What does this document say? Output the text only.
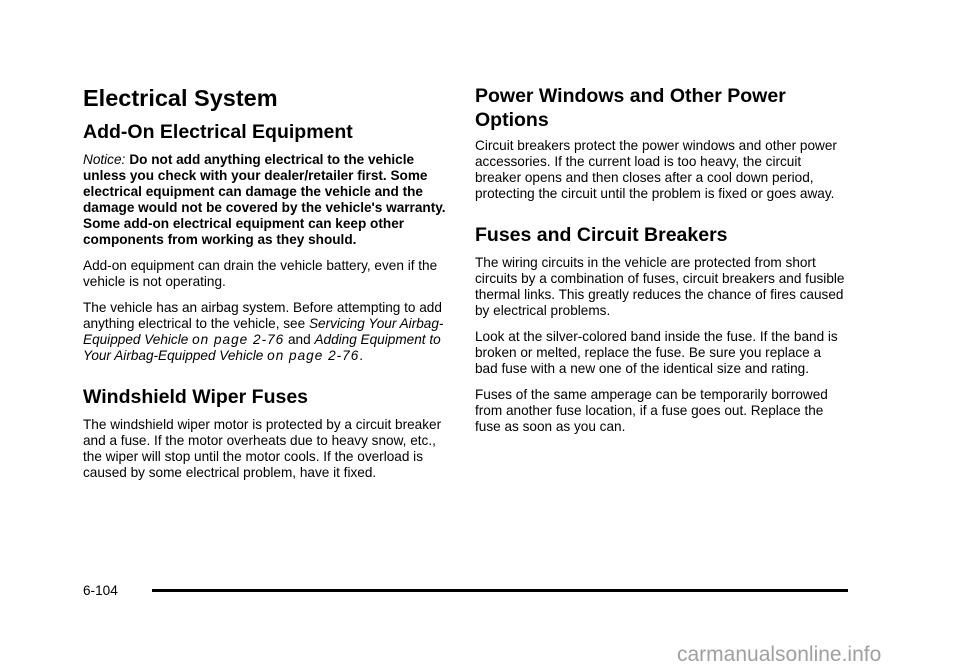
Electrical System
Add-On Electrical Equipment

Notice: Do not add anything electrical to the vehicle unless you check with your dealer/retailer first. Some electrical equipment can damage the vehicle and the damage would not be covered by the vehicle's warranty. Some add-on electrical equipment can keep other components from working as they should.

Add-on equipment can drain the vehicle battery, even if the vehicle is not operating.

The vehicle has an airbag system. Before attempting to add anything electrical to the vehicle, see Servicing Your Airbag-Equipped Vehicle on page 2-76 and Adding Equipment to Your Airbag-Equipped Vehicle on page 2-76.

Windshield Wiper Fuses

The windshield wiper motor is protected by a circuit breaker and a fuse. If the motor overheats due to heavy snow, etc., the wiper will stop until the motor cools. If the overload is caused by some electrical problem, have it fixed.

Power Windows and Other Power Options

Circuit breakers protect the power windows and other power accessories. If the current load is too heavy, the circuit breaker opens and then closes after a cool down period, protecting the circuit until the problem is fixed or goes away.

Fuses and Circuit Breakers

The wiring circuits in the vehicle are protected from short circuits by a combination of fuses, circuit breakers and fusible thermal links. This greatly reduces the chance of fires caused by electrical problems.

Look at the silver-colored band inside the fuse. If the band is broken or melted, replace the fuse. Be sure you replace a bad fuse with a new one of the identical size and rating.

Fuses of the same amperage can be temporarily borrowed from another fuse location, if a fuse goes out. Replace the fuse as soon as you can.

6-104
carmanualsonline.info
